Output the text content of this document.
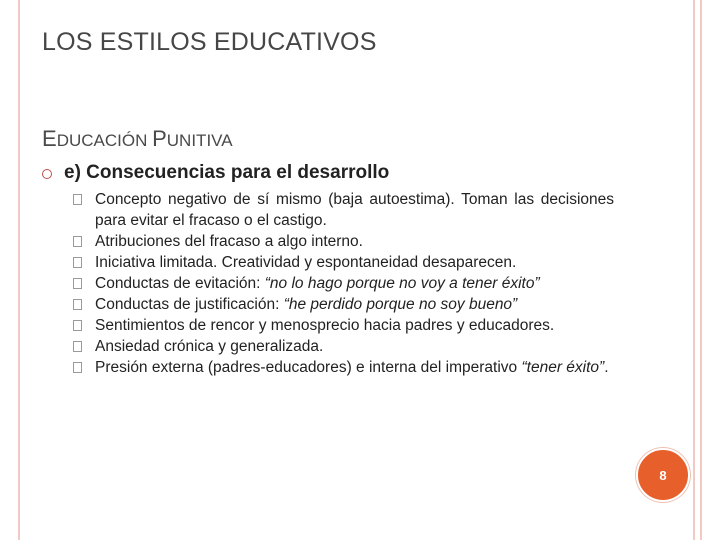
LOS ESTILOS EDUCATIVOS
EDUCACIÓN PUNITIVA
e) Consecuencias para el desarrollo
Concepto negativo de sí mismo (baja autoestima). Toman las decisiones para evitar el fracaso o el castigo.
Atribuciones del fracaso a algo interno.
Iniciativa limitada. Creatividad y espontaneidad desaparecen.
Conductas de evitación: “no lo hago porque no voy a tener éxito”
Conductas de justificación: “he perdido porque no soy bueno”
Sentimientos de rencor y menosprecio hacia padres y educadores.
Ansiedad crónica y generalizada.
Presión externa (padres-educadores) e interna del imperativo “tener éxito”.
8
